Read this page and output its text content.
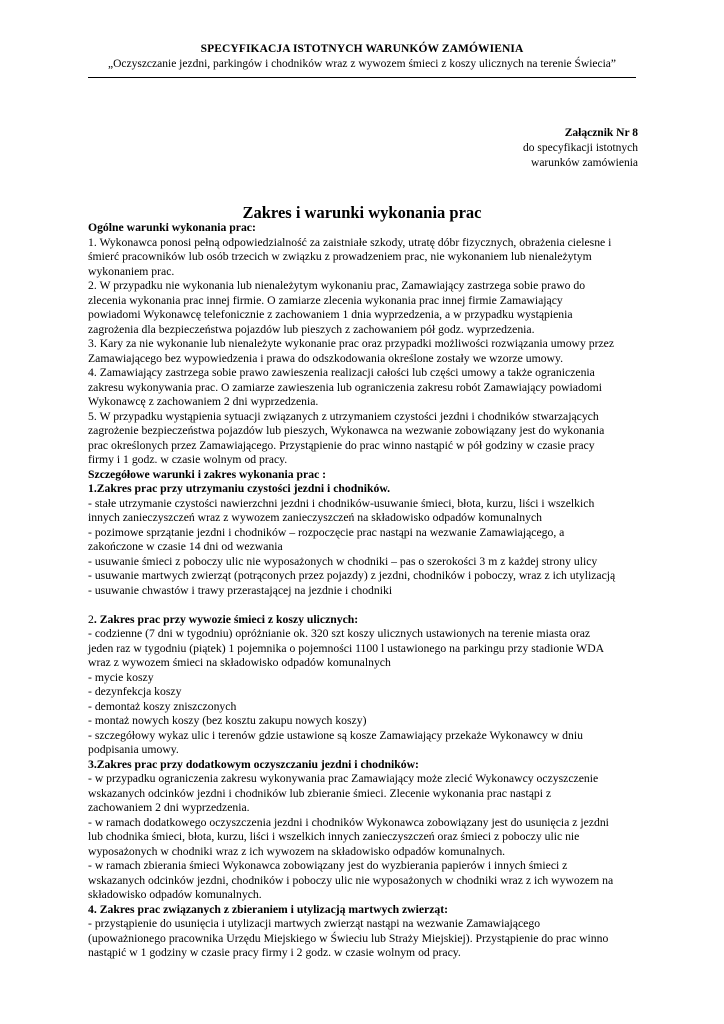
SPECYFIKACJA ISTOTNYCH WARUNKÓW ZAMÓWIENIA
„Oczyszczanie jezdni, parkingów i chodników wraz z wywozem śmieci z koszy ulicznych na terenie Świecia”
Załącznik Nr 8
do specyfikacji istotnych
warunków zamówienia
Zakres i warunki wykonania prac

Ogólne warunki wykonania prac:

1. Wykonawca ponosi pełną odpowiedzialność za zaistniałe szkody, utratę dóbr fizycznych, obrażenia cielesne i

śmierć pracowników lub osób trzecich w związku z prowadzeniem prac, nie wykonaniem lub nienależytym

wykonaniem prac.

2. W przypadku nie wykonania lub nienależytym wykonaniu prac, Zamawiający zastrzega sobie prawo do

zlecenia wykonania prac innej firmie. O zamiarze zlecenia wykonania prac innej firmie Zamawiający

powiadomi Wykonawcę telefonicznie z zachowaniem 1 dnia wyprzedzenia, a w przypadku wystąpienia

zagrożenia dla bezpieczeństwa pojazdów lub pieszych z zachowaniem pół godz. wyprzedzenia.

3. Kary za nie wykonanie lub nienależyte wykonanie prac oraz przypadki możliwości rozwiązania umowy przez

Zamawiającego bez wypowiedzenia i prawa do odszkodowania określone zostały we wzorze umowy.

4. Zamawiający zastrzega sobie prawo zawieszenia realizacji całości lub części umowy a także ograniczenia

zakresu wykonywania prac. O zamiarze zawieszenia lub ograniczenia zakresu robót Zamawiający powiadomi

Wykonawcę z zachowaniem 2 dni wyprzedzenia.

5. W przypadku wystąpienia sytuacji związanych z utrzymaniem czystości jezdni i chodników stwarzających

zagrożenie bezpieczeństwa pojazdów lub pieszych, Wykonawca na wezwanie zobowiązany jest do wykonania

prac określonych przez Zamawiającego. Przystąpienie do prac winno nastąpić w pół godziny w czasie pracy

firmy i 1 godz. w czasie wolnym od pracy.

Szczegółowe warunki i zakres wykonania prac :

1.Zakres prac przy utrzymaniu czystości jezdni i chodników.

- stałe utrzymanie czystości nawierzchni jezdni i chodników-usuwanie śmieci, błota, kurzu, liści i wszelkich

innych zanieczyszczeń wraz z wywozem zanieczyszczeń na składowisko odpadów komunalnych

- pozimowe sprzątanie jezdni i chodników – rozpoczęcie prac nastąpi na wezwanie Zamawiającego, a

zakończone w czasie 14 dni od wezwania

- usuwanie śmieci z poboczy ulic nie wyposażonych w chodniki – pas o szerokości 3 m z każdej strony ulicy

- usuwanie martwych zwierząt (potrąconych przez pojazdy) z jezdni, chodników i poboczy, wraz z ich utylizacją

- usuwanie chwastów i trawy przerastającej na jezdnie i chodniki

2. Zakres prac przy wywozie śmieci z koszy ulicznych:

- codzienne (7 dni w tygodniu) opróżnianie ok. 320 szt koszy ulicznych ustawionych na terenie miasta oraz

jeden raz w tygodniu (piątek) 1 pojemnika o pojemności 1100 l ustawionego na parkingu przy stadionie WDA

wraz z wywozem śmieci na składowisko odpadów komunalnych

- mycie koszy

- dezynfekcja koszy

- demontaż koszy zniszczonych

- montaż nowych koszy (bez kosztu zakupu nowych koszy)

- szczegółowy wykaz ulic i terenów gdzie ustawione są kosze Zamawiający przekaże Wykonawcy w dniu

podpisania umowy.

3.Zakres prac przy dodatkowym oczyszczaniu jezdni i chodników:

- w przypadku ograniczenia zakresu wykonywania prac Zamawiający może zlecić Wykonawcy oczyszczenie

wskazanych odcinków jezdni i chodników lub zbieranie śmieci. Zlecenie wykonania prac nastąpi z

zachowaniem 2 dni wyprzedzenia.

- w ramach dodatkowego oczyszczenia jezdni i chodników Wykonawca zobowiązany jest do usunięcia z jezdni

lub chodnika śmieci, błota, kurzu, liści i wszelkich innych zanieczyszczeń oraz śmieci z poboczy ulic nie

wyposażonych w chodniki wraz z ich wywozem na składowisko odpadów komunalnych.

- w ramach zbierania śmieci Wykonawca zobowiązany jest do wyzbierania papierów i innych śmieci z

wskazanych odcinków jezdni, chodników i poboczy ulic nie wyposażonych w chodniki wraz z ich wywozem na

składowisko odpadów komunalnych.

4. Zakres prac związanych z zbieraniem i utylizacją martwych zwierząt:

- przystąpienie do usunięcia i utylizacji martwych zwierząt nastąpi na wezwanie Zamawiającego

(upoważnionego pracownika Urzędu Miejskiego w Świeciu lub Straży Miejskiej). Przystąpienie do prac winno

nastąpić w 1 godziny w czasie pracy firmy i 2 godz. w czasie wolnym od pracy.
